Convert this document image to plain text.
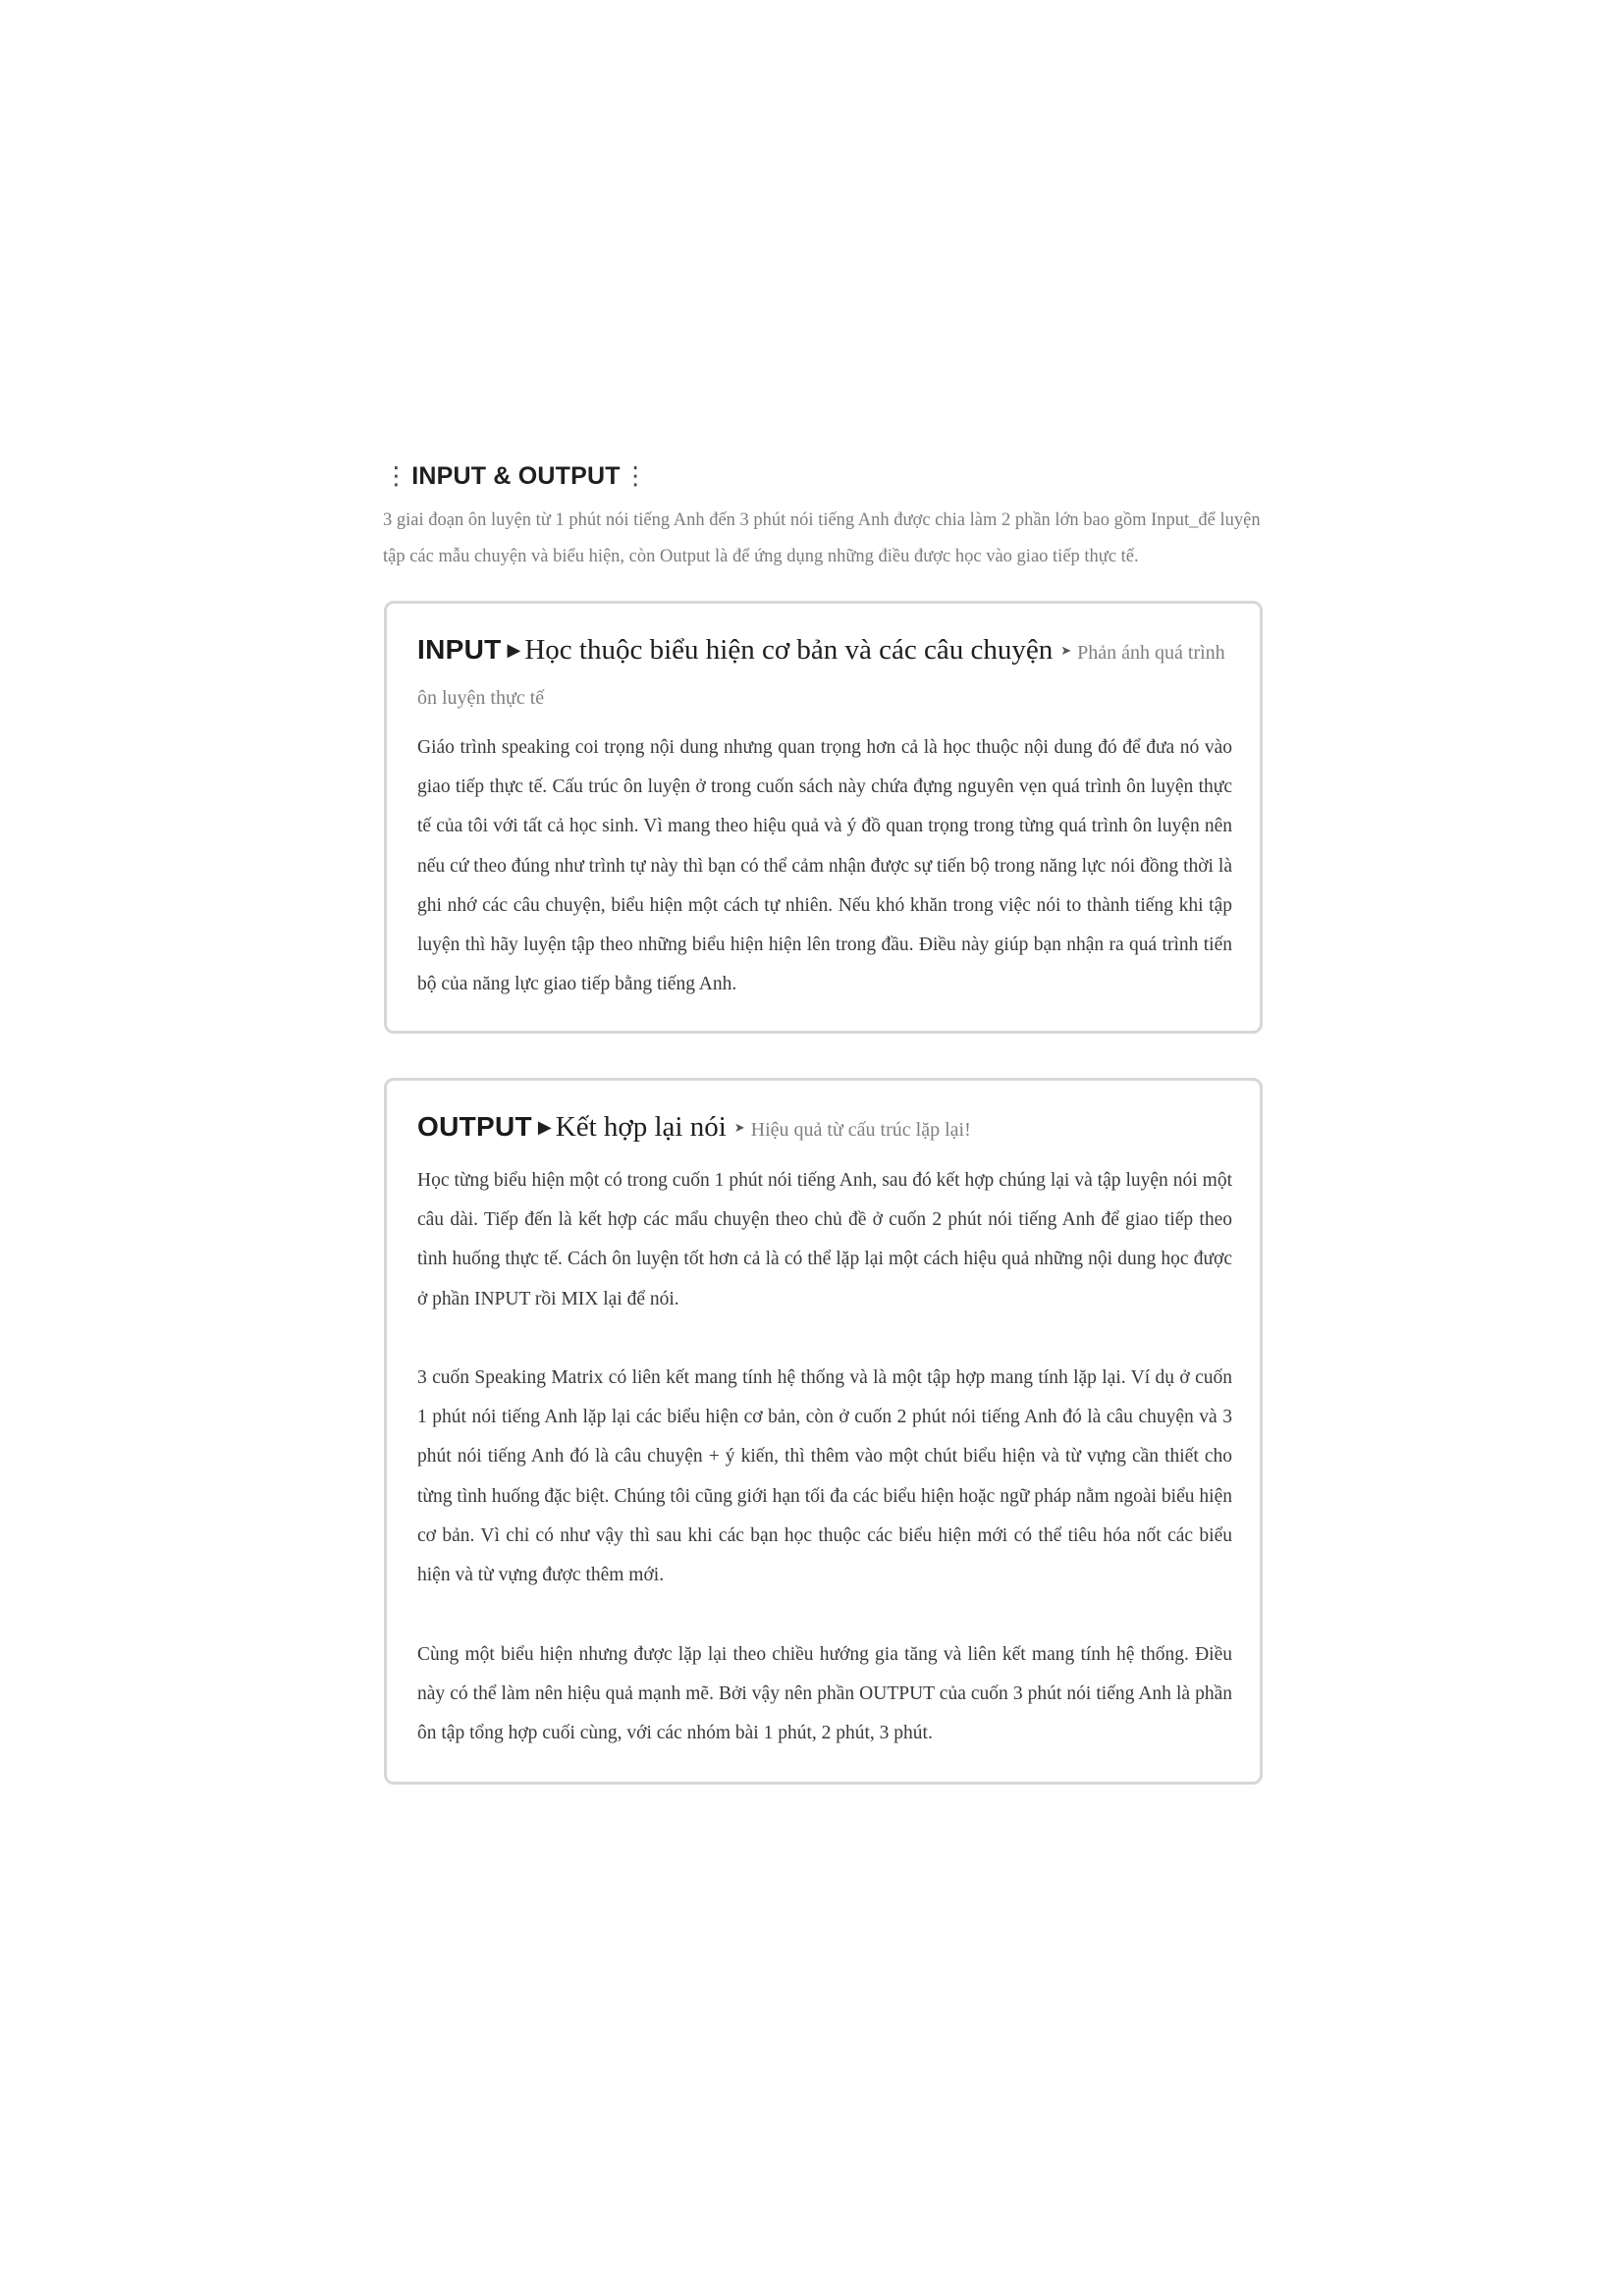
⋮ INPUT & OUTPUT ⋮

3 giai đoạn ôn luyện từ 1 phút nói tiếng Anh đến 3 phút nói tiếng Anh được chia làm 2 phần lớn bao gồm Input_để luyện tập các mẫu chuyện và biểu hiện, còn Output là để ứng dụng những điều được học vào giao tiếp thực tế.

INPUT ▶ Học thuộc biểu hiện cơ bản và các câu chuyện ➤ Phản ánh quá trình ôn luyện thực tế

Giáo trình speaking coi trọng nội dung nhưng quan trọng hơn cả là học thuộc nội dung đó để đưa nó vào giao tiếp thực tế. Cấu trúc ôn luyện ở trong cuốn sách này chứa đựng nguyên vẹn quá trình ôn luyện thực tế của tôi với tất cả học sinh. Vì mang theo hiệu quả và ý đồ quan trọng trong từng quá trình ôn luyện nên nếu cứ theo đúng như trình tự này thì bạn có thể cảm nhận được sự tiến bộ trong năng lực nói đồng thời là ghi nhớ các câu chuyện, biểu hiện một cách tự nhiên. Nếu khó khăn trong việc nói to thành tiếng khi tập luyện thì hãy luyện tập theo những biểu hiện hiện lên trong đầu. Điều này giúp bạn nhận ra quá trình tiến bộ của năng lực giao tiếp bằng tiếng Anh.

OUTPUT ▶ Kết hợp lại nói ➤ Hiệu quả từ cấu trúc lặp lại!

Học từng biểu hiện một có trong cuốn 1 phút nói tiếng Anh, sau đó kết hợp chúng lại và tập luyện nói một câu dài. Tiếp đến là kết hợp các mẩu chuyện theo chủ đề ở cuốn 2 phút nói tiếng Anh để giao tiếp theo tình huống thực tế. Cách ôn luyện tốt hơn cả là có thể lặp lại một cách hiệu quả những nội dung học được ở phần INPUT rồi MIX lại để nói.

3 cuốn Speaking Matrix có liên kết mang tính hệ thống và là một tập hợp mang tính lặp lại. Ví dụ ở cuốn 1 phút nói tiếng Anh lặp lại các biểu hiện cơ bản, còn ở cuốn 2 phút nói tiếng Anh đó là câu chuyện và 3 phút nói tiếng Anh đó là câu chuyện + ý kiến, thì thêm vào một chút biểu hiện và từ vựng cần thiết cho từng tình huống đặc biệt. Chúng tôi cũng giới hạn tối đa các biểu hiện hoặc ngữ pháp nằm ngoài biểu hiện cơ bản. Vì chỉ có như vậy thì sau khi các bạn học thuộc các biểu hiện mới có thể tiêu hóa nốt các biểu hiện và từ vựng được thêm mới.

Cùng một biểu hiện nhưng được lặp lại theo chiều hướng gia tăng và liên kết mang tính hệ thống. Điều này có thể làm nên hiệu quả mạnh mẽ. Bởi vậy nên phần OUTPUT của cuốn 3 phút nói tiếng Anh là phần ôn tập tổng hợp cuối cùng, với các nhóm bài 1 phút, 2 phút, 3 phút.
